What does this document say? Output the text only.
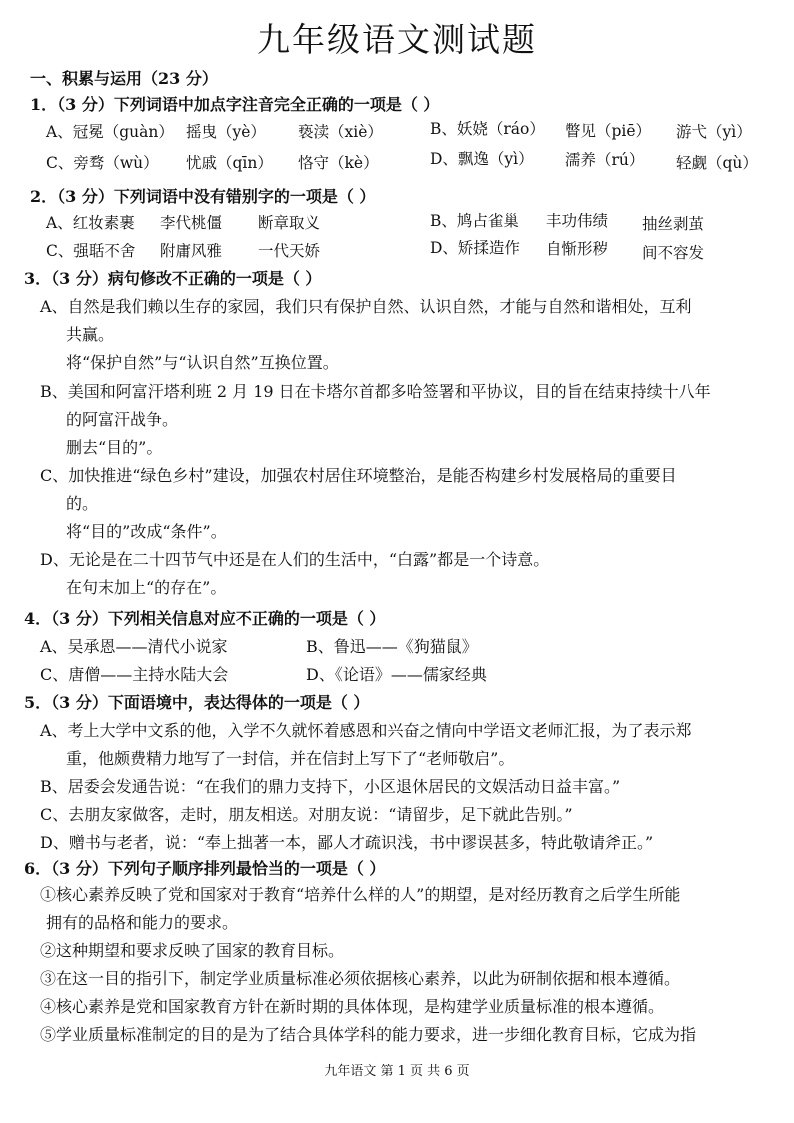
九年级语文测试题
一、积累与运用（23 分）
1．（3 分）下列词语中加点字注音完全正确的一项是（ ）
A、冠冕（guàn） 摇曳（yè） 亵渎（xiè）	B、妖娆（ráo） 瞥见（piē） 游弋（yì）
C、旁骛（wù） 忧戚（qīn） 恪守（kè）	D、飘逸（yì） 濡养（rú） 轻觑（qù）
2．（3 分）下列词语中没有错别字的一项是（ ）
A、红妆素裹 李代桃僵 断章取义	B、鸠占雀巢 丰功伟绩 抽丝剥茧
C、强聒不舍 附庸风雅 一代天娇	D、矫揉造作 自惭形秽 间不容发
3．（3 分）病句修改不正确的一项是（ ）
A、自然是我们赖以生存的家园，我们只有保护自然、认识自然，才能与自然和谐相处，互利
共赢。
将“保护自然”与“认识自然”互换位置。
B、美国和阿富汗塔利班 2 月 19 日在卡塔尔首都多哈签署和平协议，目的旨在结束持续十八年
的阿富汗战争。
删去“目的”。
C、加快推进“绿色乡村”建设，加强农村居住环境整治，是能否构建乡村发展格局的重要目
的。
将“目的”改成“条件”。
D、无论是在二十四节气中还是在人们的生活中，“白露”都是一个诗意。
在句末加上“的存在”。
4．（3 分）下列相关信息对应不正确的一项是（ ）
A、吴承恩——清代小说家	B、鲁迅——《狗猫鼠》
C、唐僧——主持水陆大会	D、《论语》——儒家经典
5．（3 分）下面语境中，表达得体的一项是（ ）
A、考上大学中文系的他，入学不久就怀着感恩和兴奋之情向中学语文老师汇报，为了表示郑
重，他颇费精力地写了一封信，并在信封上写下了“老师敬启”。
B、居委会发通告说：“在我们的鼎力支持下，小区退休居民的文娱活动日益丰富。”
C、去朋友家做客，走时，朋友相送。对朋友说：“请留步，足下就此告别。”
D、赠书与老者，说：“奉上拙著一本，鄙人才疏识浅，书中谬误甚多，特此敬请斧正。”
6．（3 分）下列句子顺序排列最恰当的一项是（ ）
①核心素养反映了党和国家对于教育“培养什么样的人”的期望，是对经历教育之后学生所能
拥有的品格和能力的要求。
②这种期望和要求反映了国家的教育目标。
③在这一目的指引下，制定学业质量标准必须依据核心素养，以此为研制依据和根本遵循。
④核心素养是党和国家教育方针在新时期的具体体现，是构建学业质量标准的根本遵循。
⑤学业质量标准制定的目的是为了结合具体学科的能力要求，进一步细化教育目标，它成为指
九年语文 第 1 页 共 6 页
